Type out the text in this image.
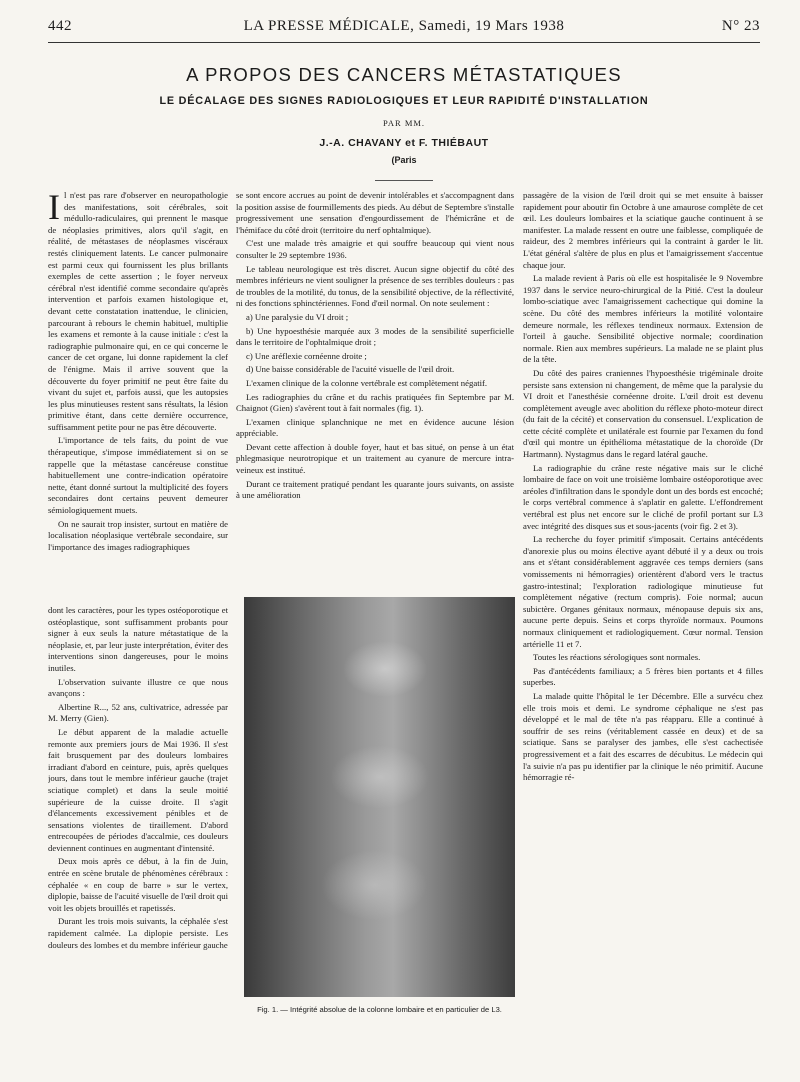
442	LA PRESSE MÉDICALE, Samedi, 19 Mars 1938	N° 23
A PROPOS DES CANCERS MÉTASTATIQUES
LE DÉCALAGE DES SIGNES RADIOLOGIQUES ET LEUR RAPIDITÉ D'INSTALLATION
PAR MM.
J.-A. CHAVANY et F. THIÉBAUT
(Paris

Il n'est pas rare d'observer en neuropathologie des manifestations, soit cérébrales, soit médullo-radiculaires, qui prennent le masque de néoplasies primitives, alors qu'il s'agit, en réalité, de métastases de néoplasmes viscéraux restés cliniquement latents. Le cancer pulmonaire est parmi ceux qui fournissent les plus brillants exemples de cette assertion ; le foyer nerveux cérébral n'est identifié comme secondaire qu'après intervention et parfois examen histologique et, devant cette constatation inattendue, le clinicien, parcourant à rebours le chemin habituel, multiplie les examens et remonte à la cause initiale : c'est la radiographie pulmonaire qui, en ce qui concerne le cancer de cet organe, lui donne rapidement la clef de l'énigme. Mais il arrive souvent que la découverte du foyer primitif ne peut être faite du vivant du sujet et, parfois aussi, que les autopsies les plus minutieuses restent sans résultats, la lésion primitive étant, dans cette dernière occurrence, suffisamment petite pour ne pas être découverte.

L'importance de tels faits, du point de vue thérapeutique, s'impose immédiatement si on se rappelle que la métastase cancéreuse constitue habituellement une contre-indication opératoire nette, étant donné surtout la multiplicité des foyers secondaires dont certains peuvent demeurer sémiologiquement muets.

On ne saurait trop insister, surtout en matière de localisation néoplasique vertébrale secondaire, sur l'importance des images radiographiques

dont les caractères, pour les types ostéoporotique et ostéoplastique, sont suffisamment probants pour signer à eux seuls la nature métastatique de la néoplasie, et, par leur juste interprétation, éviter des interventions sinon dangereuses, pour le moins inutiles.

L'observation suivante illustre ce que nous avançons :

Albertine R..., 52 ans, cultivatrice, adressée par M. Merry (Gien).

Le début apparent de la maladie actuelle remonte aux premiers jours de Mai 1936. Il s'est fait brusquement par des douleurs lombaires irradiant d'abord en ceinture, puis, après quelques jours, dans tout le membre inférieur gauche (trajet sciatique complet) et dans la seule moitié supérieure de la cuisse droite. Il s'agit d'élancements excessivement pénibles et de sensations violentes de tiraillement. D'abord entrecoupées de périodes d'accalmie, ces douleurs deviennent continues en augmentant d'intensité.

Deux mois après ce début, à la fin de Juin, entrée en scène brutale de phénomènes cérébraux : céphalée « en coup de barre » sur le vertex, diplopie, baisse de l'acuité visuelle de l'œil droit qui voit les objets brouillés et rapetissés.

Durant les trois mois suivants, la céphalée s'est rapidement calmée. La diplopie persiste. Les douleurs des lombes et du membre inférieur gauche

se sont encore accrues au point de devenir intolérables et s'accompagnent dans la position assise de fourmillements des pieds. Au début de Septembre s'installe progressivement une sensation d'engourdissement de l'hémicrâne et de l'hémiface du côté droit (territoire du nerf ophtalmique).

C'est une malade très amaigrie et qui souffre beaucoup qui vient nous consulter le 29 septembre 1936.

Le tableau neurologique est très discret. Aucun signe objectif du côté des membres inférieurs ne vient souligner la présence de ses terribles douleurs : pas de troubles de la motilité, du tonus, de la sensibilité objective, de la réflectivité, ni des fonctions sphinctériennes. Fond d'œil normal. On note seulement :

a) Une paralysie du VI droit ;

b) Une hypoesthésie marquée aux 3 modes de la sensibilité superficielle dans le territoire de l'ophtalmique droit ;

c) Une aréflexie cornéenne droite ;

d) Une baisse considérable de l'acuité visuelle de l'œil droit.

L'examen clinique de la colonne vertébrale est complètement négatif.

Les radiographies du crâne et du rachis pratiquées fin Septembre par M. Chaignot (Gien) s'avèrent tout à fait normales (fig. 1).

L'examen clinique splanchnique ne met en évidence aucune lésion appréciable.

Devant cette affection à double foyer, haut et bas situé, on pense à un état phlegmasique neurotropique et un traitement au cyanure de mercure intra-veineux est institué.

Durant ce traitement pratiqué pendant les quarante jours suivants, on assiste à une amélioration

passagère de la vision de l'œil droit qui se met ensuite à baisser rapidement pour aboutir fin Octobre à une amaurose complète de cet œil. Les douleurs lombaires et la sciatique gauche continuent à se manifester. La malade ressent en outre une faiblesse, compliquée de raideur, des 2 membres inférieurs qui la contraint à garder le lit. L'état général s'altère de plus en plus et l'amaigrissement s'accentue chaque jour.

La malade revient à Paris où elle est hospitalisée le 9 Novembre 1937 dans le service neuro-chirurgical de la Pitié. C'est la douleur lombo-sciatique avec l'amaigrissement cachectique qui domine la scène. Du côté des membres inférieurs la motilité volontaire demeure normale, les réflexes tendineux normaux. Extension de l'orteil à gauche. Sensibilité objective normale; coordination normale. Rien aux membres supérieurs. La malade ne se plaint plus de la tête.

Du côté des paires craniennes l'hypoesthésie trigéminale droite persiste sans extension ni changement, de même que la paralysie du VI droit et l'anesthésie cornéenne droite. L'œil droit est devenu complètement aveugle avec abolition du réflexe photo-moteur direct (du fait de la cécité) et conservation du consensuel. L'explication de cette cécité complète et unilatérale est fournie par l'examen du fond d'œil qui montre un épithélioma métastatique de la choroïde (Dr Hartmann). Nystagmus dans le regard latéral gauche.

La radiographie du crâne reste négative mais sur le cliché lombaire de face on voit une troisième lombaire ostéoporotique avec aréoles d'infiltration dans le spondyle dont un des bords est encoché; le corps vertébral commence à s'aplatir en galette. L'effondrement vertébral est plus net encore sur le cliché de profil portant sur L3 avec intégrité des disques sus et sous-jacents (voir fig. 2 et 3).

La recherche du foyer primitif s'imposait. Certains antécédents d'anorexie plus ou moins élective ayant débuté il y a deux ou trois ans et s'étant considérablement aggravée ces temps derniers (sans vomissements ni hémorragies) orientèrent d'abord vers le tractus gastro-intestinal; l'exploration radiologique minutieuse fut complètement négative (rectum compris). Foie normal; aucun subictère. Organes génitaux normaux, ménopause depuis six ans, aucune perte depuis. Seins et corps thyroïde normaux. Poumons normaux cliniquement et radiologiquement. Cœur normal. Tension artérielle 11 et 7.

Toutes les réactions sérologiques sont normales.

Pas d'antécédents familiaux; a 5 frères bien portants et 4 filles superbes.

La malade quitte l'hôpital le 1er Décembre. Elle a survécu chez elle trois mois et demi. Le syndrome céphalique ne s'est pas développé et le mal de tête n'a pas réapparu. Elle a continué à souffrir de ses reins (véritablement cassée en deux) et de sa sciatique. Sans se paralyser des jambes, elle s'est cachectisée progressivement et a fait des escarres de décubitus. Le médecin qui l'a suivie n'a pas pu identifier par la clinique le néo primitif. Aucune hémorragie ré-

Fig. 1. — Intégrité absolue de la colonne lombaire et en particulier de L3.
